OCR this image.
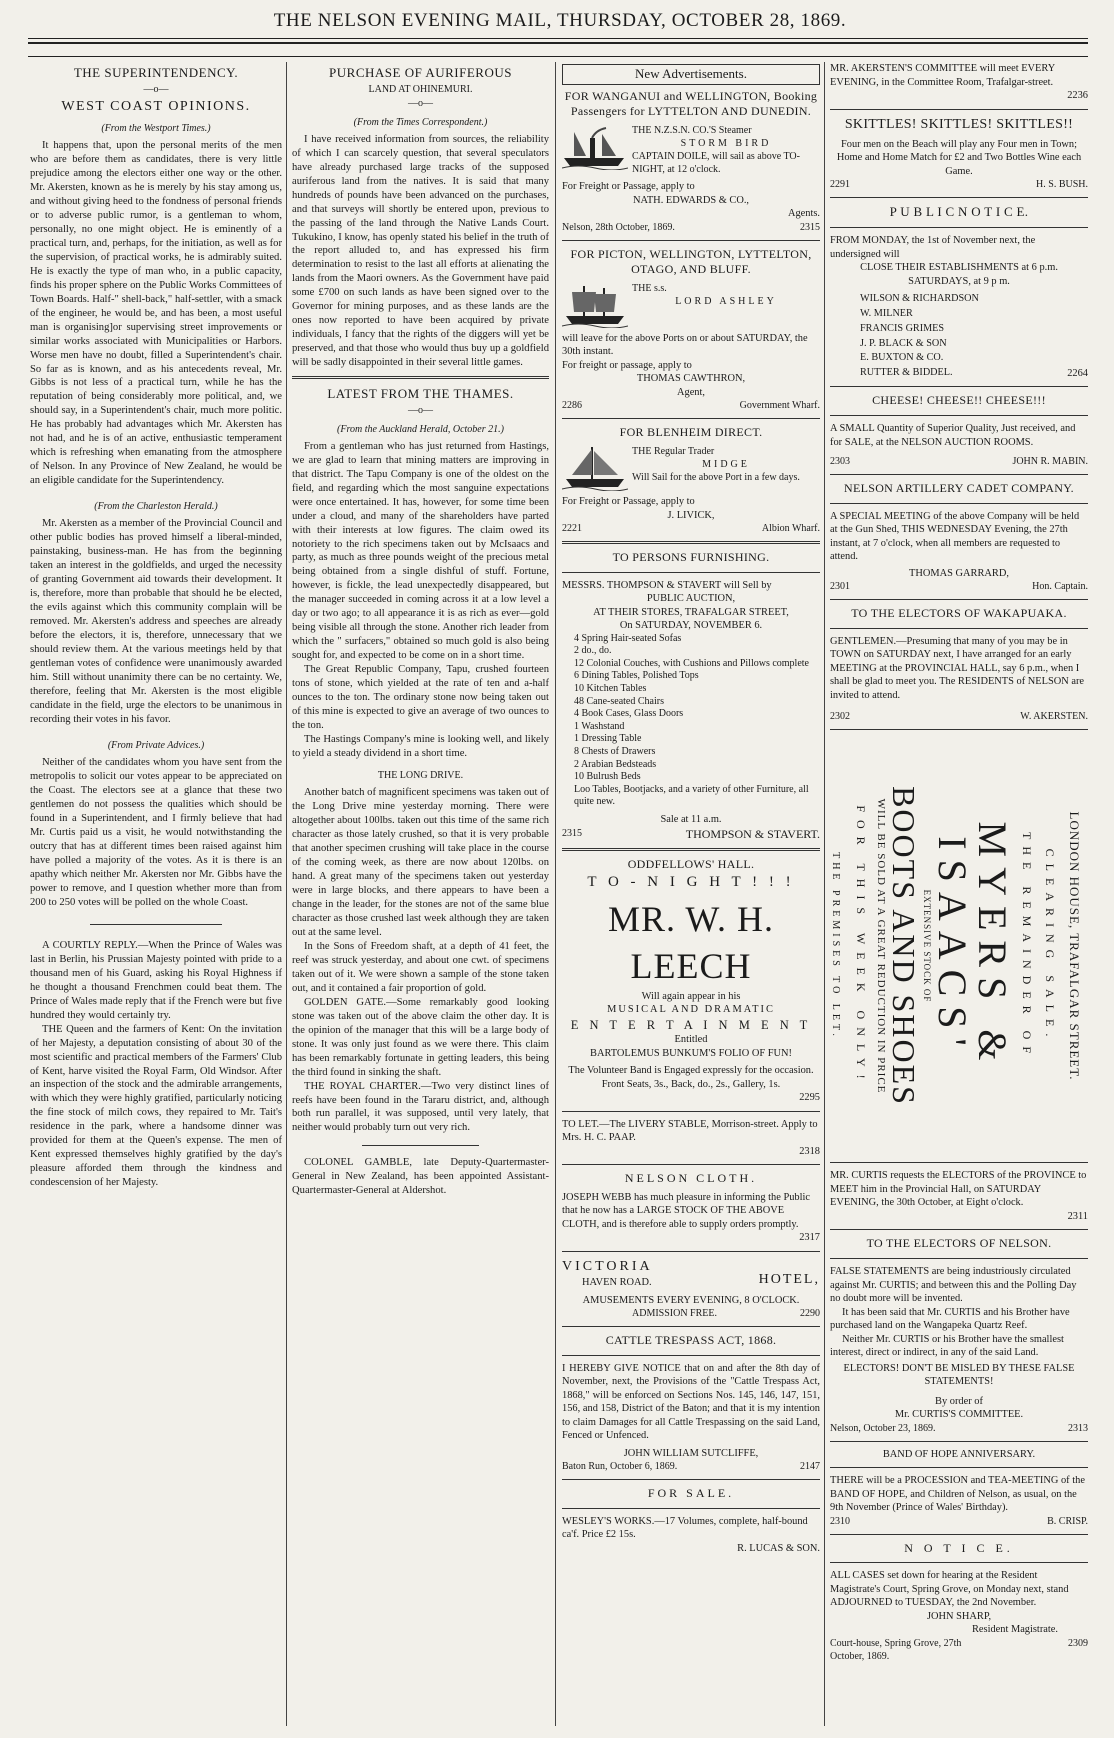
THE NELSON EVENING MAIL, THURSDAY, OCTOBER 28, 1869.
THE SUPERINTENDENCY.
—o—
WEST COAST OPINIONS.
(From the Westport Times.)

It happens that, upon the personal merits of the men who are before them as candidates, there is very little prejudice among the electors either one way or the other. Mr. Akersten, known as he is merely by his stay among us, and without giving heed to the fondness of personal friends or to adverse public rumor, is a gentleman to whom, personally, no one might object. He is eminently of a practical turn, and, perhaps, for the initiation, as well as for the supervision, of practical works, he is admirably suited. He is exactly the type of man who, in a public capacity, finds his proper sphere on the Public Works Committees of Town Boards. Half-" shell-back," half-settler, with a smack of the engineer, he would be, and has been, a most useful man is organising]or supervising street improvements or similar works associated with Municipalities or Harbors. Worse men have no doubt, filled a Superintendent's chair. So far as is known, and as his antecedents reveal, Mr. Gibbs is not less of a practical turn, while he has the reputation of being considerably more political, and, we should say, in a Superintendent's chair, much more politic. He has probably had advantages which Mr. Akersten has not had, and he is of an active, enthusiastic temperament which is refreshing when emanating from the atmosphere of Nelson. In any Province of New Zealand, he would be an eligible candidate for the Superintendency.

(From the Charleston Herald.)

Mr. Akersten as a member of the Provincial Council and other public bodies has proved himself a liberal-minded, painstaking, business-man. He has from the beginning taken an interest in the goldfields, and urged the necessity of granting Government aid towards their development. It is, therefore, more than probable that should he be elected, the evils against which this community complain will be removed. Mr. Akersten's address and speeches are already before the electors, it is, therefore, unnecessary that we should review them. At the various meetings held by that gentleman votes of confidence were unanimously awarded him. Still without unanimity there can be no certainty. We, therefore, feeling that Mr. Akersten is the most eligible candidate in the field, urge the electors to be unanimous in recording their votes in his favor.

(From Private Advices.)

Neither of the candidates whom you have sent from the metropolis to solicit our votes appear to be appreciated on the Coast. The electors see at a glance that these two gentlemen do not possess the qualities which should be found in a Superintendent, and I firmly believe that had Mr. Curtis paid us a visit, he would notwithstanding the outcry that has at different times been raised against him have polled a majority of the votes. As it is there is an apathy which neither Mr. Akersten nor Mr. Gibbs have the power to remove, and I question whether more than from 200 to 250 votes will be polled on the whole Coast.

A COURTLY REPLY.—When the Prince of Wales was last in Berlin, his Prussian Majesty pointed with pride to a thousand men of his Guard, asking his Royal Highness if he thought a thousand Frenchmen could beat them. The Prince of Wales made reply that if the French were but five hundred they would certainly try.

THE Queen and the farmers of Kent: On the invitation of her Majesty, a deputation consisting of about 30 of the most scientific and practical members of the Farmers' Club of Kent, harve visited the Royal Farm, Old Windsor. After an inspection of the stock and the admirable arrangements, with which they were highly gratified, particularly noticing the fine stock of milch cows, they repaired to Mr. Tait's residence in the park, where a handsome dinner was provided for them at the Queen's expense. The men of Kent expressed themselves highly gratified by the day's pleasure afforded them through the kindness and condescension of her Majesty.

PURCHASE OF AURIFEROUS
LAND AT OHINEMURI.
—o—
(From the Times Correspondent.)

I have received information from sources, the reliability of which I can scarcely question, that several speculators have already purchased large tracks of the supposed auriferous land from the natives. It is said that many hundreds of pounds have been advanced on the purchases, and that surveys will shortly be entered upon, previous to the passing of the land through the Native Lands Court. Tukukino, I know, has openly stated his belief in the truth of the report alluded to, and has expressed his firm determination to resist to the last all efforts at alienating the lands from the Maori owners. As the Government have paid some £700 on such lands as have been signed over to the Governor for mining purposes, and as these lands are the ones now reported to have been acquired by private individuals, I fancy that the rights of the diggers will yet be preserved, and that those who would thus buy up a goldfield will be sadly disappointed in their several little games.

LATEST FROM THE THAMES.
—o—
(From the Auckland Herald, October 21.)

From a gentleman who has just returned from Hastings, we are glad to learn that mining matters are improving in that district. The Tapu Company is one of the oldest on the field, and regarding which the most sanguine expectations were once entertained. It has, however, for some time been under a cloud, and many of the shareholders have parted with their interests at low figures. The claim owed its notoriety to the rich specimens taken out by McIsaacs and party, as much as three pounds weight of the precious metal being obtained from a single dishful of stuff. Fortune, however, is fickle, the lead unexpectedly disappeared, but the manager succeeded in coming across it at a low level a day or two ago; to all appearance it is as rich as ever—gold being visible all through the stone. Another rich leader from which the " surfacers," obtained so much gold is also being sought for, and expected to be come on in a short time.

The Great Republic Company, Tapu, crushed fourteen tons of stone, which yielded at the rate of ten and a-half ounces to the ton. The ordinary stone now being taken out of this mine is expected to give an average of two ounces to the ton.

The Hastings Company's mine is looking well, and likely to yield a steady dividend in a short time.

THE LONG DRIVE.

Another batch of magnificent specimens was taken out of the Long Drive mine yesterday morning. There were altogether about 100lbs. taken out this time of the same rich character as those lately crushed, so that it is very probable that another specimen crushing will take place in the course of the coming week, as there are now about 120lbs. on hand. A great many of the specimens taken out yesterday were in large blocks, and there appears to have been a change in the leader, for the stones are not of the same blue character as those crushed last week although they are taken out at the same level.

In the Sons of Freedom shaft, at a depth of 41 feet, the reef was struck yesterday, and about one cwt. of specimens taken out of it. We were shown a sample of the stone taken out, and it contained a fair proportion of gold.

GOLDEN GATE.—Some remarkably good looking stone was taken out of the above claim the other day. It is the opinion of the manager that this will be a large body of stone. It was only just found as we were there. This claim has been remarkably fortunate in getting leaders, this being the third found in sinking the shaft.

THE ROYAL CHARTER.—Two very distinct lines of reefs have been found in the Tararu district, and, although both run parallel, it was supposed, until very lately, that neither would probably turn out very rich.

COLONEL GAMBLE, late Deputy-Quartermaster-General in New Zealand, has been appointed Assistant-Quartermaster-General at Aldershot.

New Advertisements.
FOR WANGANUI and WELLINGTON, Booking Passengers for LYTTELTON AND DUNEDIN.
THE N.Z.S.N. CO.'S Steamer
STORM BIRD
CAPTAIN DOILE, will sail as above TO-NIGHT, at 12 o'clock.
For Freight or Passage, apply to
NATH. EDWARDS & CO.,
Agents.
Nelson, 28th October, 1869.	2315
FOR PICTON, WELLINGTON, LYTTELTON, OTAGO, AND BLUFF.
THE s.s.
LORD ASHLEY
will leave for the above Ports on or about SATURDAY, the 30th instant.
For freight or passage, apply to
THOMAS CAWTHRON,
Agent,
2286	Government Wharf.
FOR BLENHEIM DIRECT.
THE Regular Trader
MIDGE
Will Sail for the above Port in a few days.
For Freight or Passage, apply to
J. LIVICK,
2221	Albion Wharf.
TO PERSONS FURNISHING.
MESSRS. THOMPSON & STAVERT will Sell by
PUBLIC AUCTION,
AT THEIR STORES, TRAFALGAR STREET,
On SATURDAY, NOVEMBER 6.
4 Spring Hair-seated Sofas
2 do., do.
12 Colonial Couches, with Cushions and Pillows complete
6 Dining Tables, Polished Tops
10 Kitchen Tables
48 Cane-seated Chairs
4 Book Cases, Glass Doors
1 Washstand
1 Dressing Table
8 Chests of Drawers
2 Arabian Bedsteads
10 Bulrush Beds
Loo Tables, Bootjacks, and a variety of other Furniture, all quite new.
Sale at 11 a.m.
2315	THOMPSON & STAVERT.
ODDFELLOWS' HALL.
T O - N I G H T ! ! !
MR. W. H. LEECH
Will again appear in his
MUSICAL AND DRAMATIC
E N T E R T A I N M E N T
Entitled
BARTOLEMUS BUNKUM'S FOLIO OF FUN!
The Volunteer Band is Engaged expressly for the occasion.
Front Seats, 3s., Back, do., 2s., Gallery, 1s.
2295
TO LET.—The LIVERY STABLE, Morrison-street. Apply to Mrs. H. C. PAAP.
2318
NELSON CLOTH.
JOSEPH WEBB has much pleasure in informing the Public that he now has a LARGE STOCK OF THE ABOVE CLOTH, and is therefore able to supply orders promptly.
2317
VICTORIA
HAVEN ROAD.	HOTEL,
AMUSEMENTS EVERY EVENING, 8 O'CLOCK.
ADMISSION FREE.	2290
CATTLE TRESPASS ACT, 1868.
I HEREBY GIVE NOTICE that on and after the 8th day of November, next, the Provisions of the "Cattle Trespass Act, 1868," will be enforced on Sections Nos. 145, 146, 147, 151, 156, and 158, District of the Baton; and that it is my intention to claim Damages for all Cattle Trespassing on the said Land, Fenced or Unfenced.
JOHN WILLIAM SUTCLIFFE,
Baton Run, October 6, 1869.	2147
FOR SALE.
WESLEY'S WORKS.—17 Volumes, complete, half-bound ca'f. Price £2 15s.
R. LUCAS & SON.
MR. AKERSTEN'S COMMITTEE will meet EVERY EVENING, in the Committee Room, Trafalgar-street.
2236
SKITTLES! SKITTLES! SKITTLES!!
Four men on the Beach will play any Four men in Town; Home and Home Match for £2 and Two Bottles Wine each Game.
2291	H. S. BUSH.
P U B L I C N O T I C E.
FROM MONDAY, the 1st of November next, the undersigned will
CLOSE THEIR ESTABLISHMENTS at 6 p.m.
SATURDAYS, at 9 p m.
WILSON & RICHARDSON
W. MILNER
FRANCIS GRIMES
J. P. BLACK & SON
E. BUXTON & CO.
RUTTER & BIDDEL.	2264
CHEESE! CHEESE!! CHEESE!!!
A SMALL Quantity of Superior Quality, Just received, and for SALE, at the NELSON AUCTION ROOMS.
2303	JOHN R. MABIN.
NELSON ARTILLERY CADET COMPANY.
A SPECIAL MEETING of the above Company will be held at the Gun Shed, THIS WEDNESDAY Evening, the 27th instant, at 7 o'clock, when all members are requested to attend.
THOMAS GARRARD,
2301	Hon. Captain.
TO THE ELECTORS OF WAKAPUAKA.
GENTLEMEN.—Presuming that many of you may be in TOWN on SATURDAY next, I have arranged for an early MEETING at the PROVINCIAL HALL, say 6 p.m., when I shall be glad to meet you. The RESIDENTS of NELSON are invited to attend.
2302	W. AKERSTEN.
LONDON HOUSE, TRAFALGAR STREET.
CLEARING SALE.
THE REMAINDER OF
MYERS & ISAACS'
EXTENSIVE STOCK OF
BOOTS AND SHOES
WILL BE SOLD AT A GREAT REDUCTION IN PRICE
FOR THIS WEEK ONLY!
THE PREMISES TO LET.
MR. CURTIS requests the ELECTORS of the PROVINCE to MEET him in the Provincial Hall, on SATURDAY EVENING, the 30th October, at Eight o'clock.
2311
TO THE ELECTORS OF NELSON.
FALSE STATEMENTS are being industriously circulated against Mr. CURTIS; and between this and the Polling Day no doubt more will be invented.
It has been said that Mr. CURTIS and his Brother have purchased land on the Wangapeka Quartz Reef.
Neither Mr. CURTIS or his Brother have the smallest interest, direct or indirect, in any of the said Land.
ELECTORS! DON'T BE MISLED BY THESE FALSE STATEMENTS!
By order of
Mr. CURTIS'S COMMITTEE.
Nelson, October 23, 1869.	2313
BAND OF HOPE ANNIVERSARY.
THERE will be a PROCESSION and TEA-MEETING of the BAND OF HOPE, and Children of Nelson, as usual, on the 9th November (Prince of Wales' Birthday).
2310	B. CRISP.
N O T I C E.
ALL CASES set down for hearing at the Resident Magistrate's Court, Spring Grove, on Monday next, stand ADJOURNED to TUESDAY, the 2nd November.
JOHN SHARP,
Resident Magistrate.
Court-house, Spring Grove, 27th October, 1869.
2309
